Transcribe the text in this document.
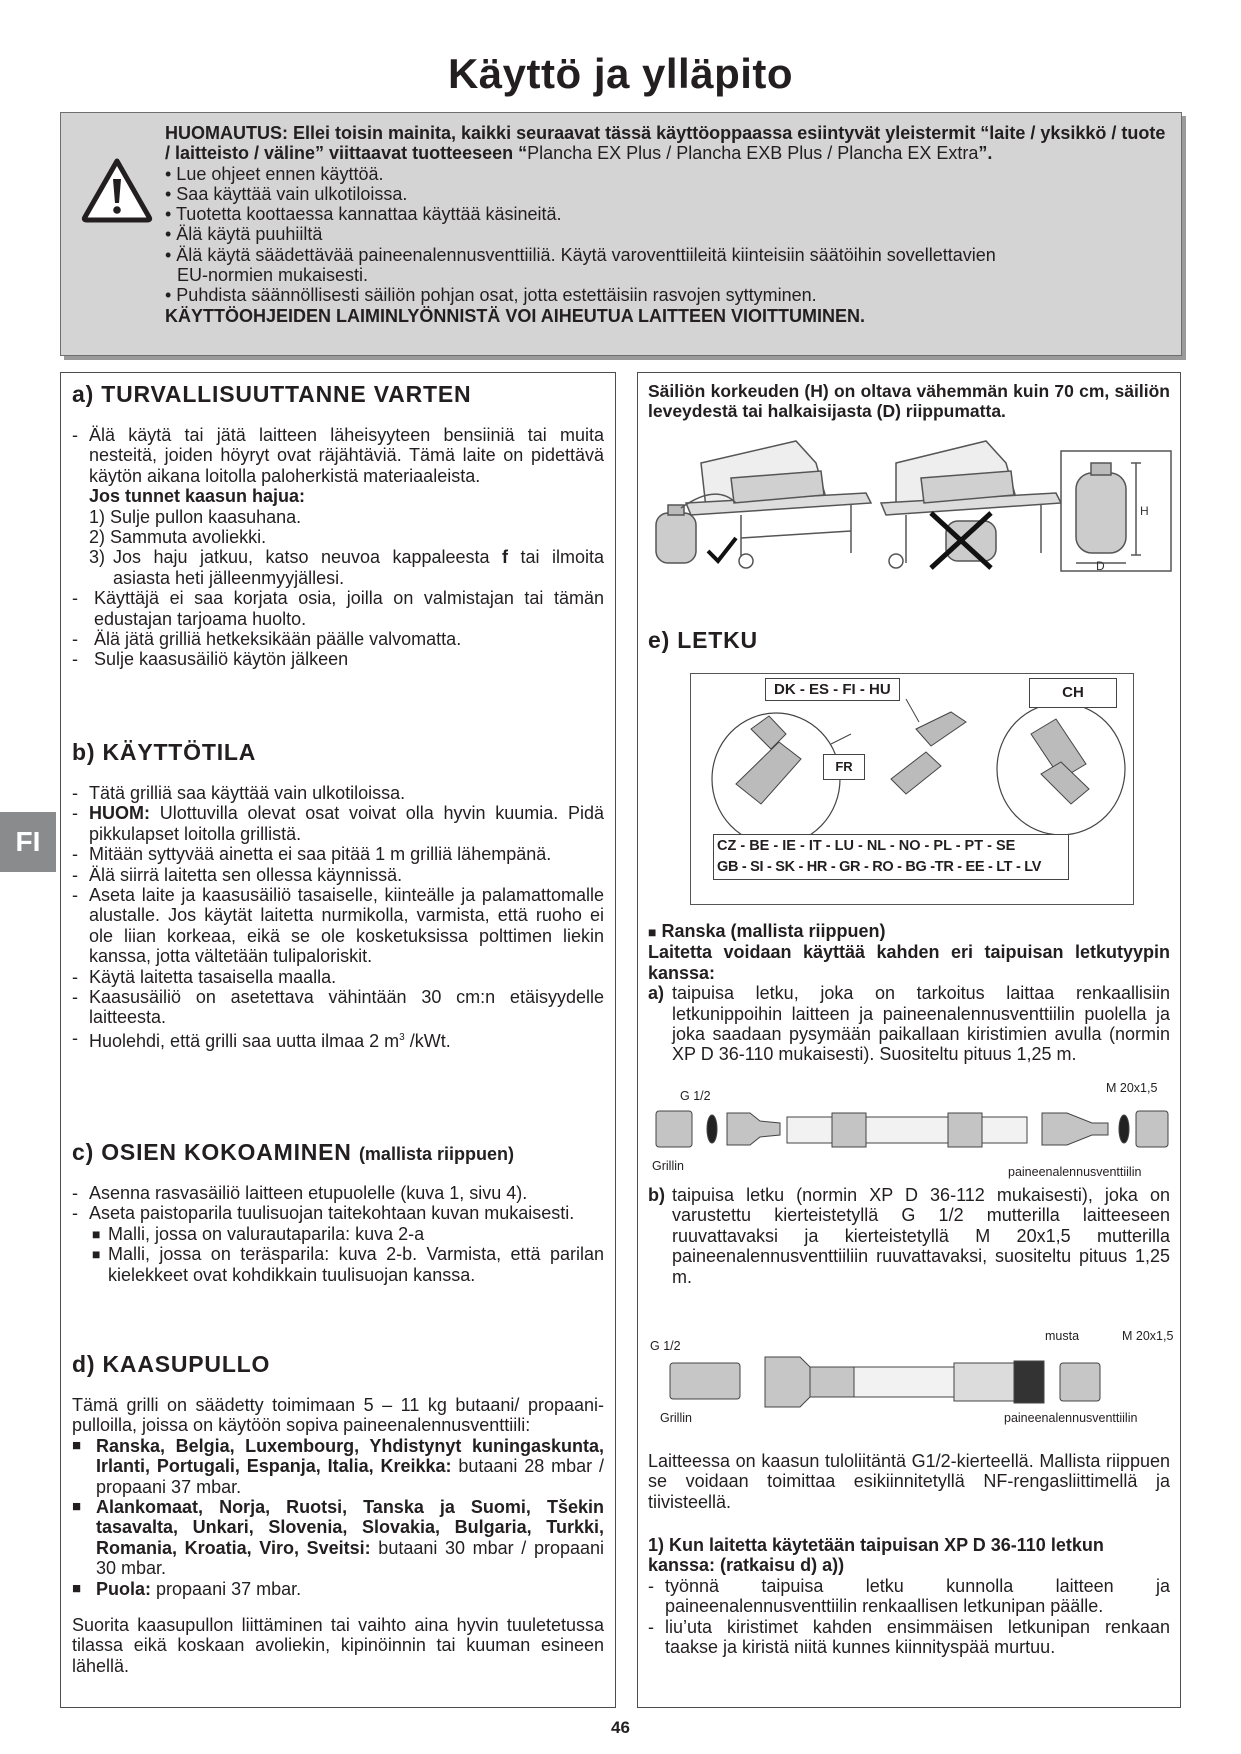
Käyttö ja ylläpito
HUOMAUTUS: Ellei toisin mainita, kaikki seuraavat tässä käyttöoppaassa esiintyvät yleistermit “laite / yksikkö / tuote / laitteisto / väline” viittaavat tuotteeseen “Plancha EX Plus / Plancha EXB Plus / Plancha EX Extra”.
• Lue ohjeet ennen käyttöä.
• Saa käyttää vain ulkotiloissa.
• Tuotetta koottaessa kannattaa käyttää käsineitä.
• Älä käytä puuhiiltä
• Älä käytä säädettävää paineenalennusventtiiliä. Käytä varoventtiileitä kiinteisiin säätöihin sovellettavien
EU-normien mukaisesti.
• Puhdista säännöllisesti säiliön pohjan osat, jotta estettäisiin rasvojen syttyminen.
KÄYTTÖOHJEIDEN LAIMINLYÖNNISTÄ VOI AIHEUTUA LAITTEEN VIOITTUMINEN.
a) TURVALLISUUTTANNE VARTEN
- Älä käytä tai jätä laitteen läheisyyteen bensiiniä tai muita nesteitä, joiden höyryt ovat räjähtäviä. Tämä laite on pidettävä käytön aikana loitolla paloherkistä materiaaleista.
Jos tunnet kaasun hajua:
1) Sulje pullon kaasuhana.
2) Sammuta avoliekki.
3) Jos haju jatkuu, katso neuvoa kappaleesta f tai ilmoita asiasta heti jälleenmyyjällesi.
- Käyttäjä ei saa korjata osia, joilla on valmistajan tai tämän edustajan tarjoama huolto.
- Älä jätä grilliä hetkeksikään päälle valvomatta.
- Sulje kaasusäiliö käytön jälkeen
b) KÄYTTÖTILA
- Tätä grilliä saa käyttää vain ulkotiloissa.
- HUOM: Ulottuvilla olevat osat voivat olla hyvin kuumia. Pidä pikkulapset loitolla grillistä.
- Mitään syttyvää ainetta ei saa pitää 1 m grilliä lähempänä.
- Älä siirrä laitetta sen ollessa käynnissä.
- Aseta laite ja kaasusäiliö tasaiselle, kiinteälle ja palamattomalle alustalle. Jos käytät laitetta nurmikolla, varmista, että ruoho ei ole liian korkeaa, eikä se ole kosketuksissa polttimen liekin kanssa, jotta vältetään tulipaloriskit.
- Käytä laitetta tasaisella maalla.
- Kaasusäiliö on asetettava vähintään 30 cm:n etäisyydelle laitteesta.
- Huolehdi, että grilli saa uutta ilmaa 2 $m^3$ /kWt.
c) OSIEN KOKOAMINEN (mallista riippuen)
- Asenna rasvasäiliö laitteen etupuolelle (kuva 1, sivu 4).
- Aseta paistoparila tuulisuojan taitekohtaan kuvan mukaisesti.
■ Malli, jossa on valurautaparila: kuva 2-a
■ Malli, jossa on teräsparila: kuva 2-b. Varmista, että parilan kielekkeet ovat kohdikkain tuulisuojan kanssa.
d) KAASUPULLO
Tämä grilli on säädetty toimimaan 5 – 11 kg butaani/ propaani-pulloilla, joissa on käytöön sopiva paineenalennusventtiili:
■ Ranska, Belgia, Luxembourg, Yhdistynyt kuningaskunta, Irlanti, Portugali, Espanja, Italia, Kreikka: butaani 28 mbar / propaani 37 mbar.
■ Alankomaat, Norja, Ruotsi, Tanska ja Suomi, Tšekin tasavalta, Unkari, Slovenia, Slovakia, Bulgaria, Turkki, Romania, Kroatia, Viro, Sveitsi: butaani 30 mbar / propaani 30 mbar.
■ Puola: propaani 37 mbar.
Suorita kaasupullon liittäminen tai vaihto aina hyvin tuuletetussa tilassa eikä koskaan avoliekin, kipinöinnin tai kuuman esineen lähellä.
Säiliön korkeuden (H) on oltava vähemmän kuin 70 cm, säiliön leveydestä tai halkaisijasta (D) riippumatta.
H
D
e) LETKU
DK - ES - FI - HU	CH
FR
CZ - BE - IE - IT - LU - NL - NO - PL - PT - SE
GB - SI - SK - HR - GR - RO - BG -TR - EE - LT - LV
■ Ranska (mallista riippuen)
Laitetta voidaan käyttää kahden eri taipuisan letkutyypin kanssa:
a) taipuisa letku, joka on tarkoitus laittaa renkaallisiin letkunippoihin laitteen ja paineenalennusventtiilin puolella ja joka saadaan pysymään paikallaan kiristimien avulla (normin XP D 36-110 mukaisesti). Suositeltu pituus 1,25 m.
G 1/2
M 20x1,5
Grillin	paineenalennusventtiilin
b) taipuisa letku (normin XP D 36-112 mukaisesti), joka on varustettu kierteistetyllä G 1/2 mutterilla laitteeseen ruuvattavaksi ja kierteistetyllä M 20x1,5 mutterilla paineenalennusventtiiliin ruuvattavaksi, suositeltu pituus 1,25 m.
musta	M 20x1,5
G 1/2
Grillin	paineenalennusventtiilin
Laitteessa on kaasun tuloliitäntä G1/2-kierteellä. Mallista riippuen se voidaan toimittaa esikiinnitetyllä NF-rengasliittimellä ja tiivisteellä.
1) Kun laitetta käytetään taipuisan XP D 36-110 letkun kanssa: (ratkaisu d) a))
- työnnä taipuisa letku kunnolla laitteen ja paineenalennusventtiilin renkaallisen letkunipan päälle.
- liu’uta kiristimet kahden ensimmäisen letkunipan renkaan taakse ja kiristä niitä kunnes kiinnityspää murtuu.
FI
46
